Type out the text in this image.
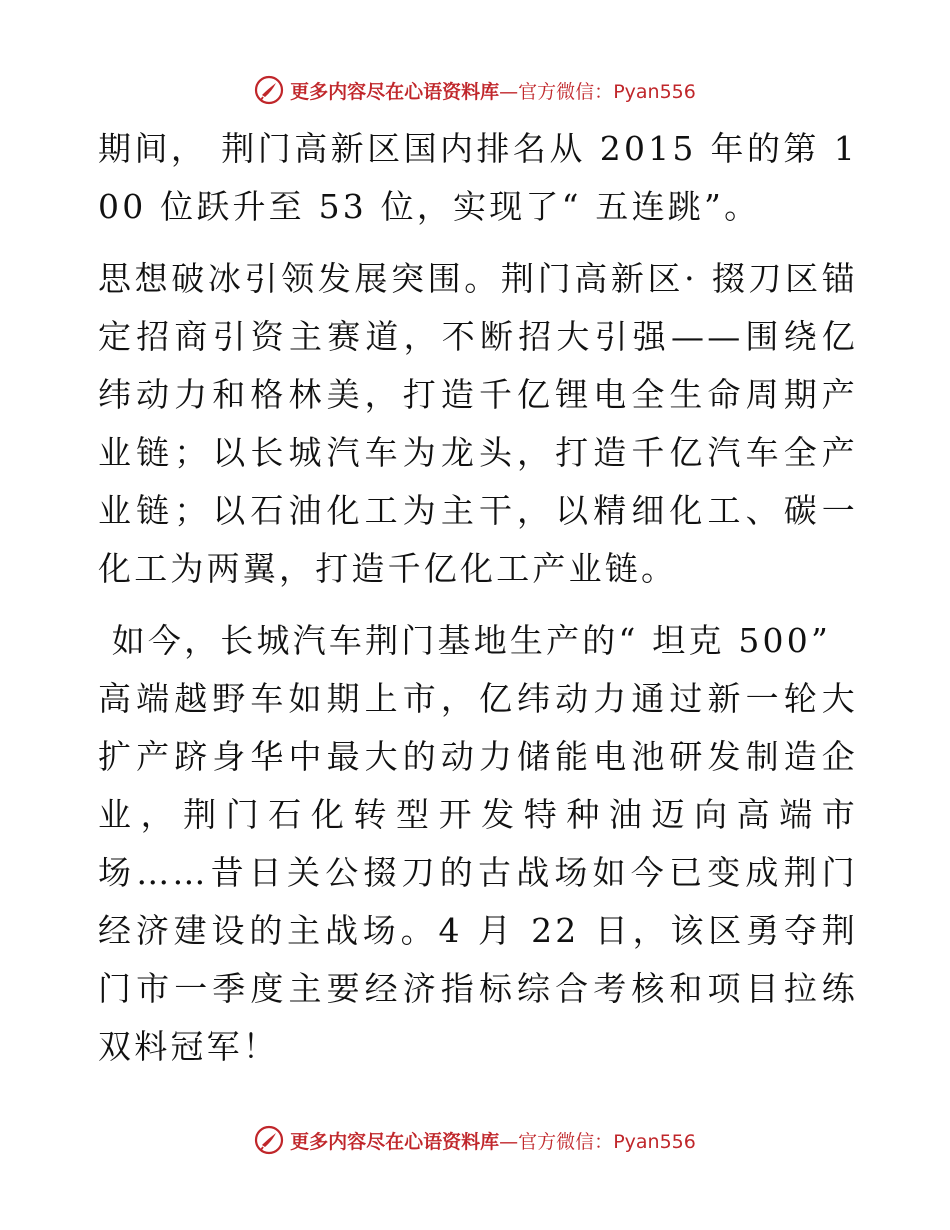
更多内容尽在心语资料库—官方微信：Pyan556

期间， 荆门高新区国内排名从 2015 年的第 100 位跃升至 53 位，实现了“ 五连跳”。

思想破冰引领发展突围。荆门高新区· 掇刀区锚定招商引资主赛道，不断招大引强——围绕亿纬动力和格林美，打造千亿锂电全生命周期产业链；以长城汽车为龙头，打造千亿汽车全产业链；以石油化工为主干，以精细化工、碳一化工为两翼，打造千亿化工产业链。

如今，长城汽车荆门基地生产的“ 坦克 500”
高端越野车如期上市，亿纬动力通过新一轮大扩产跻身华中最大的动力储能电池研发制造企业，荆门石化转型开发特种油迈向高端市场……昔日关公掇刀的古战场如今已变成荆门经济建设的主战场。4 月 22 日，该区勇夺荆门市一季度主要经济指标综合考核和项目拉练双料冠军！

更多内容尽在心语资料库—官方微信：Pyan556
